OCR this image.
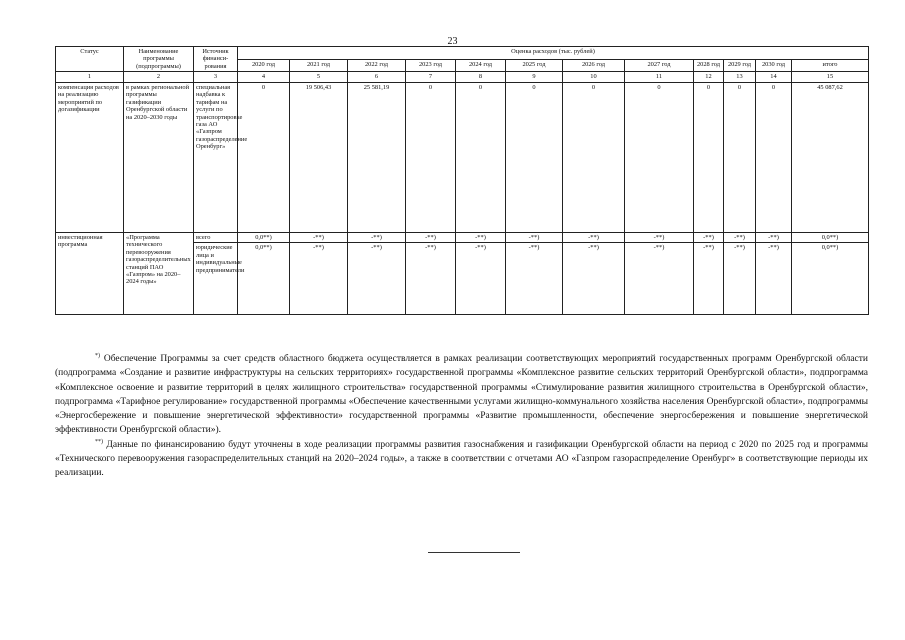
23
Статус	Наименование программы (подпрограммы)	Источник финанси-рования	Оценка расходов (тыс. рублей)											
			2020 год	2021 год	2022 год	2023 год	2024 год	2025 год	2026 год	2027 год	2028 год	2029 год	2030 год	итого
1	2	3	4	5	6	7	8	9	10	11	12	13	14	15
компенсация расходов на реализацию мероприятий по догазификации	в рамках региональной программы газификации Оренбургской области на 2020–2030 годы	специальная надбавка к тарифам на услуги по транспортировке газа АО «Газпром газораспределение Оренбург»	0	19 506,43	25 581,19	0	0	0	0	0	0	0	0	45 087,62
инвестиционная программа	«Программа технического перевооружения газораспределительных станций ПАО «Газпром» на 2020–2024 годы»	всего	0,0**)	-**)	-**)	-**)	-**)	-**)	-**)	-**)	-**)	-**)	-**)	0,0**)
		юридические лица и индивидуальные предприниматели	0,0**)	-**)	-**)	-**)	-**)	-**)	-**)	-**)	-**)	-**)	-**)	0,0**)

*) Обеспечение Программы за счет средств областного бюджета осуществляется в рамках реализации соответствующих мероприятий государственных программ Оренбургской области (подпрограмма «Создание и развитие инфраструктуры на сельских территориях» государственной программы «Комплексное развитие сельских территорий Оренбургской области», подпрограмма «Комплексное освоение и развитие территорий в целях жилищного строительства» государственной программы «Стимулирование развития жилищного строительства в Оренбургской области», подпрограмма «Тарифное регулирование» государственной программы «Обеспечение качественными услугами жилищно-коммунального хозяйства населения Оренбургской области», подпрограммы «Энергосбережение и повышение энергетической эффективности» государственной программы «Развитие промышленности, обеспечение энергосбережения и повышение энергетической эффективности Оренбургской области»).

**) Данные по финансированию будут уточнены в ходе реализации программы развития газоснабжения и газификации Оренбургской области на период с 2020 по 2025 год и программы «Технического перевооружения газораспределительных станций на 2020–2024 годы», а также в соответствии с отчетами АО «Газпром газораспределение Оренбург» в соответствующие периоды их реализации.
